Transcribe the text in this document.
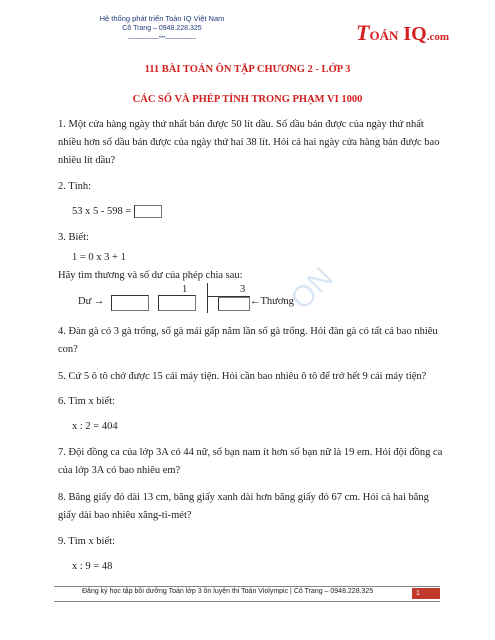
Hệ thống phát triển Toán IQ Việt Nam
Cô Trang – 0948.228.325
-----------------***-----------------	TOÁN IQ.com
111 BÀI TOÁN ÔN TẬP CHƯƠNG 2 - LỚP 3
CÁC SỐ VÀ PHÉP TÍNH TRONG PHẠM VI 1000
ON
1. Một cửa hàng ngày thứ nhất bán được 50 lít dầu. Số dầu bán được của ngày thứ nhất nhiều hơn số dầu bán được của ngày thứ hai 38 lít. Hỏi cả hai ngày cửa hàng bán được bao nhiêu lít dầu?
2. Tính:
53 x 5 - 598 =
3. Biết:
1 = 0 x 3 + 1
Hãy tìm thương và số dư của phép chia sau:
Dư →
1	3
←Thương
4. Đàn gà có 3 gà trống, số gà mái gấp năm lần số gà trống. Hỏi đàn gà có tất cả bao nhiêu con?
5. Cứ 5 ô tô chở được 15 cái máy tiện. Hỏi cần bao nhiêu ô tô để trở hết 9 cái máy tiện?
6. Tìm x biết:
x : 2 = 404
7. Đội đồng ca của lớp 3A có 44 nữ, số bạn nam ít hơn số bạn nữ là 19 em. Hỏi đội đồng ca của lớp 3A có bao nhiêu em?
8. Băng giấy đỏ dài 13 cm, băng giấy xanh dài hơn băng giấy đỏ 67 cm. Hỏi cả hai băng giấy dài bao nhiêu xăng-ti-mét?
9. Tìm x biết:
x : 9 = 48
Đăng ký học tập bồi dưỡng Toán lớp 3 ôn luyện thi Toán Violympic | Cô Trang – 0948.228.325	1
